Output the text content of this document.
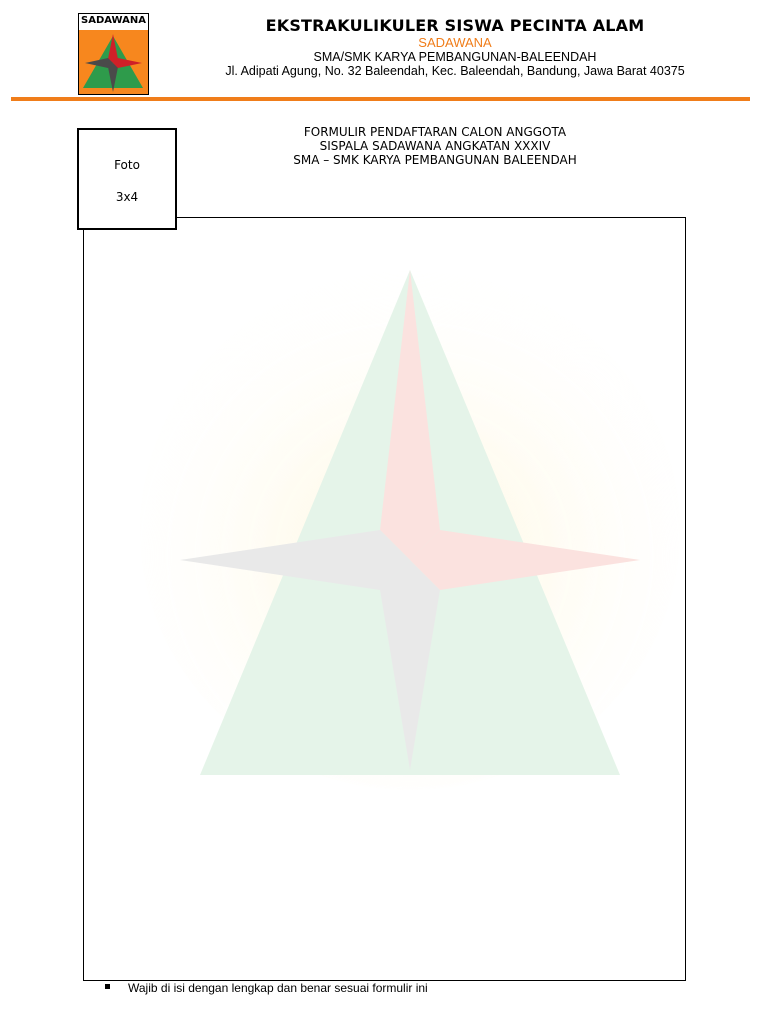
SADAWANA	EKSTRAKULIKULER SISWA PECINTA ALAM
SADAWANA
SMA/SMK KARYA PEMBANGUNAN-BALEENDAH
Jl. Adipati Agung, No. 32 Baleendah, Kec. Baleendah, Bandung, Jawa Barat 40375
FORMULIR PENDAFTARAN CALON ANGGOTA
SISPALA SADAWANA ANGKATAN XXXIV
SMA – SMK KARYA PEMBANGUNAN BALEENDAH
Foto
3x4

Wajib di isi dengan lengkap dan benar sesuai formulir ini
